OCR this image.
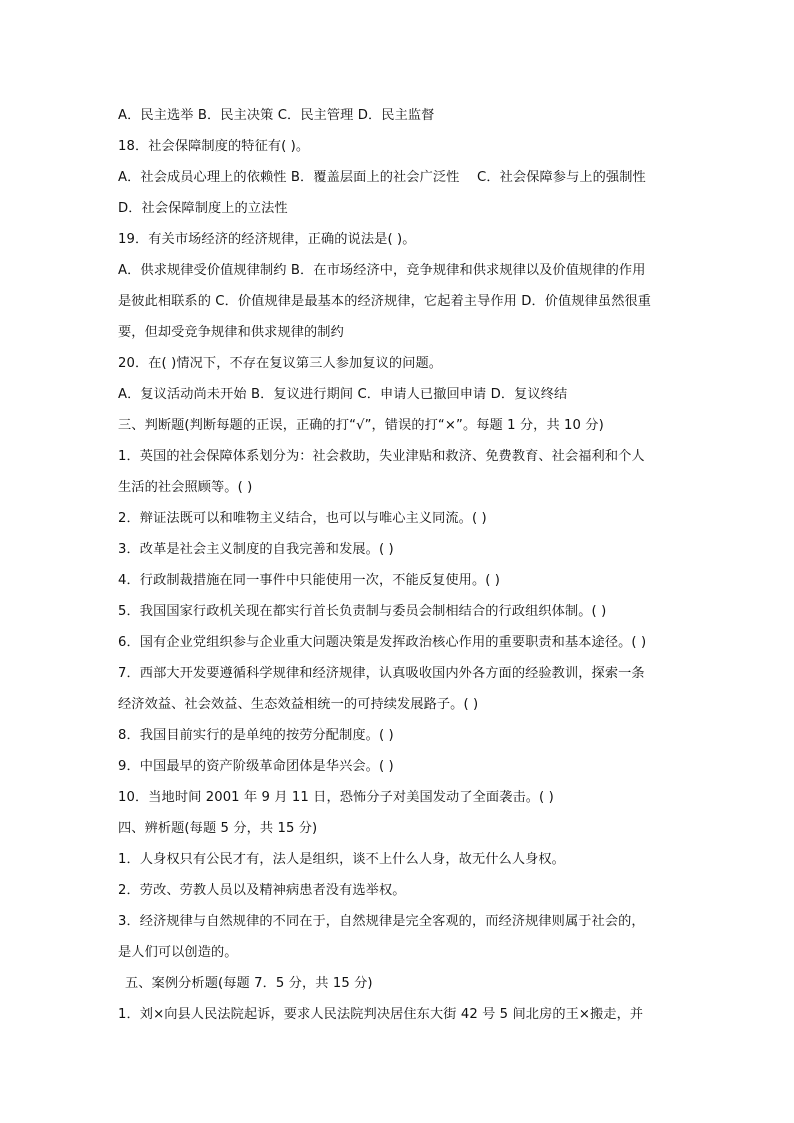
A．民主选举 B．民主决策 C．民主管理 D．民主监督
18．社会保障制度的特征有( )。
A．社会成员心理上的依赖性 B．覆盖层面上的社会广泛性　 C．社会保障参与上的强制性
D．社会保障制度上的立法性
19．有关市场经济的经济规律，正确的说法是( )。
A．供求规律受价值规律制约 B．在市场经济中，竞争规律和供求规律以及价值规律的作用
是彼此相联系的 C．价值规律是最基本的经济规律，它起着主导作用 D．价值规律虽然很重
要，但却受竞争规律和供求规律的制约
20．在( )情况下，不存在复议第三人参加复议的问题。
A．复议活动尚未开始 B．复议进行期间 C．申请人已撤回申请 D．复议终结
三、判断题(判断每题的正误，正确的打“√”，错误的打“×”。每题 1 分，共 10 分)
1．英国的社会保障体系划分为：社会救助，失业津贴和救济、免费教育、社会福利和个人
生活的社会照顾等。( )
2．辩证法既可以和唯物主义结合，也可以与唯心主义同流。( )
3．改革是社会主义制度的自我完善和发展。( )
4．行政制裁措施在同一事件中只能使用一次，不能反复使用。( )
5．我国国家行政机关现在都实行首长负责制与委员会制相结合的行政组织体制。( )
6．国有企业党组织参与企业重大问题决策是发挥政治核心作用的重要职责和基本途径。( )
7．西部大开发要遵循科学规律和经济规律，认真吸收国内外各方面的经验教训，探索一条
经济效益、社会效益、生态效益相统一的可持续发展路子。( )
8．我国目前实行的是单纯的按劳分配制度。( )
9．中国最早的资产阶级革命团体是华兴会。( )
10．当地时间 2001 年 9 月 11 日，恐怖分子对美国发动了全面袭击。( )
四、辨析题(每题 5 分，共 15 分)
1．人身权只有公民才有，法人是组织，谈不上什么人身，故无什么人身权。
2．劳改、劳教人员以及精神病患者没有选举权。
3．经济规律与自然规律的不同在于，自然规律是完全客观的，而经济规律则属于社会的，
是人们可以创造的。
五、案例分析题(每题 7．5 分，共 15 分)
1．刘×向县人民法院起诉，要求人民法院判决居住东大街 42 号 5 间北房的王×搬走，并
